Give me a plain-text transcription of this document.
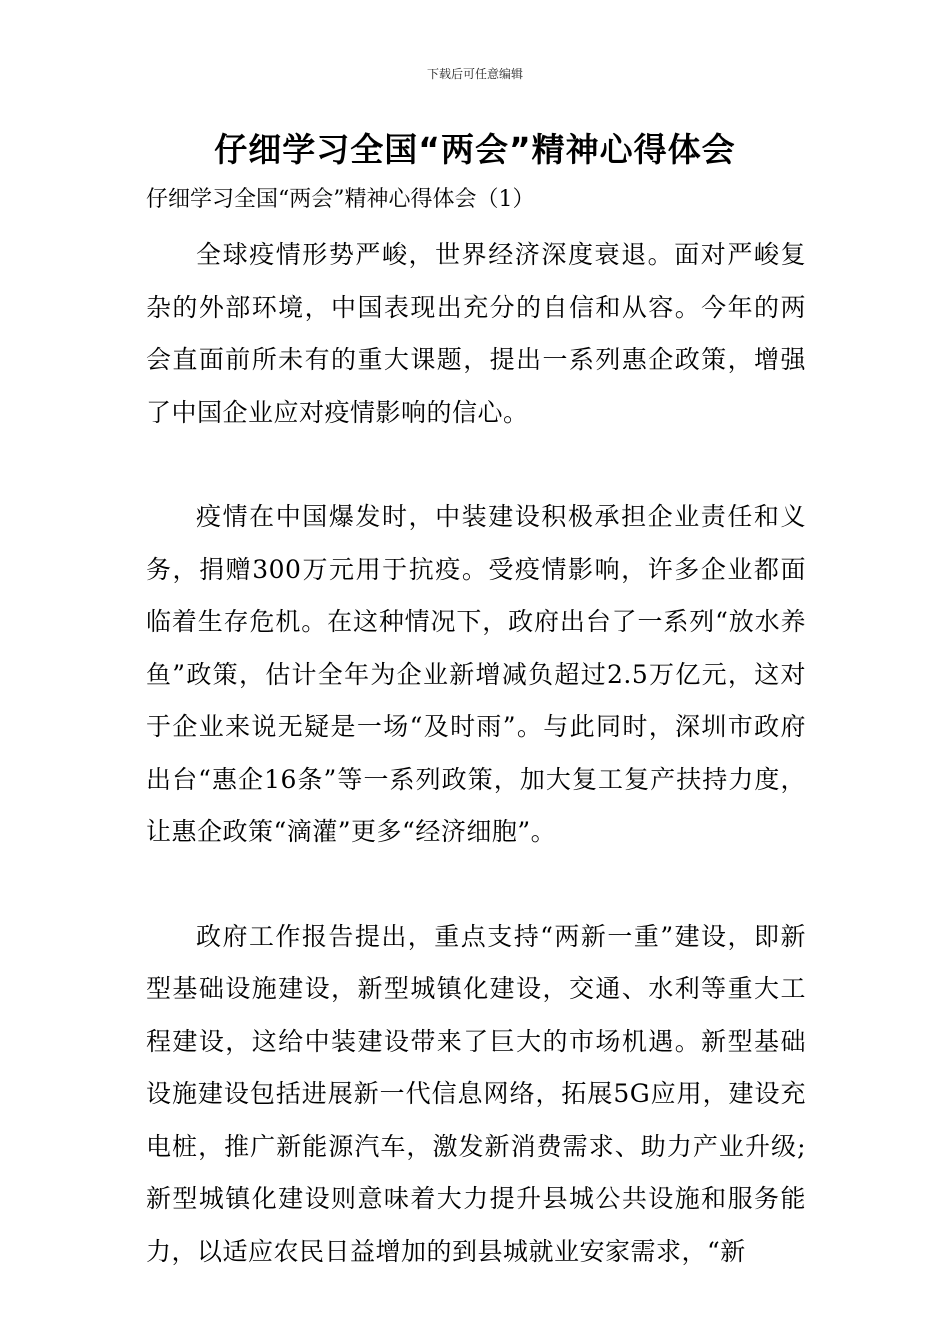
下载后可任意编辑
仔细学习全国“两会”精神心得体会
仔细学习全国“两会”精神心得体会（1）

全球疫情形势严峻，世界经济深度衰退。面对严峻复杂的外部环境，中国表现出充分的自信和从容。今年的两会直面前所未有的重大课题，提出一系列惠企政策，增强了中国企业应对疫情影响的信心。

疫情在中国爆发时，中装建设积极承担企业责任和义务，捐赠300万元用于抗疫。受疫情影响，许多企业都面临着生存危机。在这种情况下，政府出台了一系列“放水养鱼”政策，估计全年为企业新增减负超过2.5万亿元，这对于企业来说无疑是一场“及时雨”。与此同时，深圳市政府出台“惠企16条”等一系列政策，加大复工复产扶持力度，让惠企政策“滴灌”更多“经济细胞”。

政府工作报告提出，重点支持“两新一重”建设，即新型基础设施建设，新型城镇化建设，交通、水利等重大工程建设，这给中装建设带来了巨大的市场机遇。新型基础设施建设包括进展新一代信息网络，拓展5G应用，建设充电桩，推广新能源汽车，激发新消费需求、助力产业升级;新型城镇化建设则意味着大力提升县城公共设施和服务能力，以适应农民日益增加的到县城就业安家需求，“新
